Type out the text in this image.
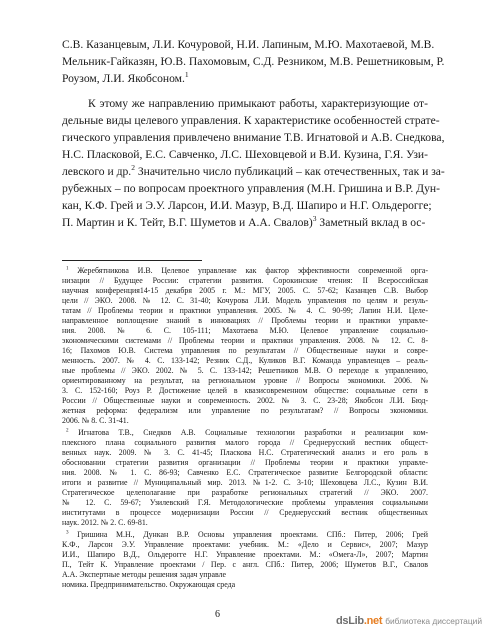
С.В. Казанцевым, Л.И. Кочуровой, Н.И. Лапиным, М.Ю. Махотаевой, М.В.
Мельник-Гайказян, Ю.В. Пахомовым, С.Д. Резником, М.В. Решетниковым, Р.
Роузом, Л.И. Якобсоном.$^1$
К этому же направлению примыкают работы, характеризующие от-
дельные виды целевого управления. К характеристике особенностей страте-
гического управления привлечено внимание Т.В. Игнатовой и А.В. Снедкова,
Н.С. Пласковой, Е.С. Савченко, Л.С. Шеховцевой и В.И. Кузина, Г.Я. Узи-
левского и др.$^2$ Значительно число публикаций – как отечественных, так и за-
рубежных – по вопросам проектного управления (М.Н. Гришина и В.Р. Дун-
кан, К.Ф. Грей и Э.У. Ларсон, И.И. Мазур, В.Д. Шапиро и Н.Г. Ольдерогге;
П. Мартин и К. Тейт, В.Г. Шуметов и А.А. Свалов)$^3$ Заметный вклад в ос-
$^1$ Жеребятникова И.В. Целевое управление как фактор эффективности современной орга-
низации // Будущее России: стратегии развития. Сорокинские чтения: II Всероссийская
научная конференция14-15 декабря 2005 г. М.: МГУ, 2005. С. 57-62; Казанцев С.В. Выбор
цели // ЭКО. 2008. № 12. С. 31-40; Кочурова Л.И. Модель управления по целям и резуль-
татам // Проблемы теории и практики управления. 2005. № 4. С. 90-99; Лапин Н.И. Целе-
направленное воплощение знаний в инновациях // Проблемы теории и практики управле-
ния. 2008. № 6. С. 105-111; Махотаева М.Ю. Целевое управление социально-
экономическими системами // Проблемы теории и практики управления. 2008. № 12. С. 8-
16; Пахомов Ю.В. Система управления по результатам // Общественные науки и совре-
менность. 2007. № 4. С. 133-142; Резник С.Д., Куликов В.Г. Команда управленцев – реаль-
ные проблемы // ЭКО. 2002. № 5. С. 133-142; Решетников М.В. О переходе к управлению,
ориентированному на результат, на региональном уровне // Вопросы экономики. 2006. №
3. С. 152-160; Роуз Р. Достижение целей в квазисовременном обществе: социальные сети в
России // Общественные науки и современность. 2002. № 3. С. 23-28; Якобсон Л.И. Бюд-
жетная реформа: федерализм или управление по результатам? // Вопросы экономики.
2006. № 8. С. 31-41.
$^2$ Игнатова Т.В., Снедков А.В. Социальные технологии разработки и реализации ком-
плексного плана социального развития малого города // Среднерусский вестник общест-
венных наук. 2009. № 3. С. 41-45; Пласкова Н.С. Стратегический анализ и его роль в
обосновании стратегии развития организации // Проблемы теории и практики управле-
ния. 2008. № 1. С. 86-93; Савченко Е.С. Стратегическое развитие Белгородской области:
итоги и развитие // Муниципальный мир. 2013. №1-2. С. 3-10; Шеховцева Л.С., Кузин В.И.
Стратегическое целеполагание при разработке региональных стратегий // ЭКО. 2007.
№ 12. С. 59-67; Узилевский Г.Я. Методологические проблемы управления социальными
институтами в процессе модернизации России // Среднерусский вестник общественных
наук. 2012. № 2. С. 69-81.
$^3$ Гришина М.Н., Дункан В.Р. Основы управления проектами. СПб.: Питер, 2006; Грей
К.Ф., Ларсон Э.У. Управление проектами: учебник. М.: «Дело и Сервис», 2007; Мазур
И.И., Шапиро В.Д., Ольдерогге Н.Г. Управление проектами. М.: «Омега-Л», 2007; Мартин
П., Тейт К. Управление проектами / Пер. с англ. СПб.: Питер, 2006; Шуметов В.Г., Свалов
А.А. Экспертные методы решения задач управле
номика. Предпринимательство. Окружающая среда
6
dsLib.net библиотека диссертаций
